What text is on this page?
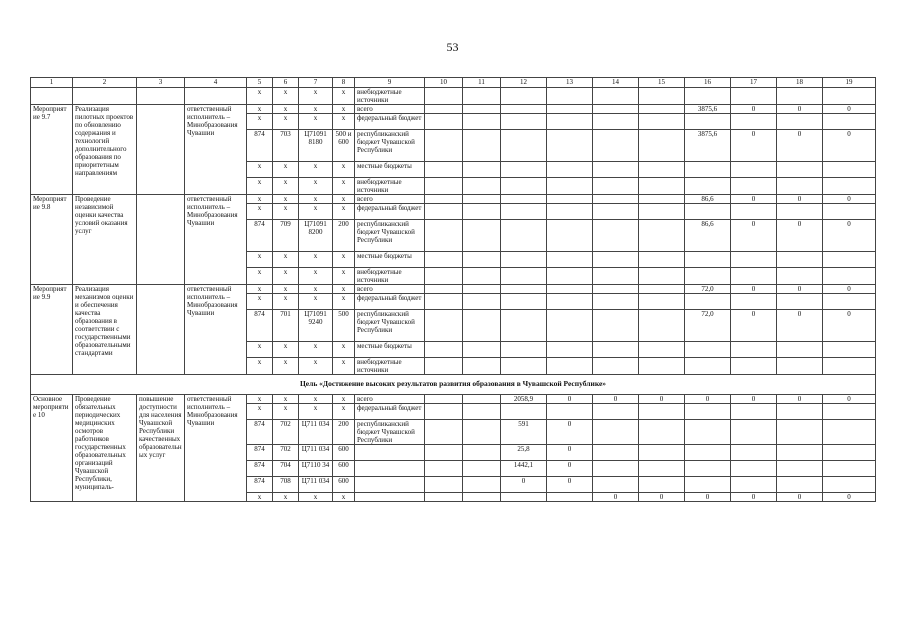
53
1	2	3	4	5	6	7	8	9	10	11	12	13	14	15	16	17	18	19
				x	x	x	x	внебюджетные источники										
Мероприятие 9.7	Реализация пилотных проектов по обновлению содержания и технологий дополнительного образования по приоритетным направлениям		ответственный исполнитель – Минобразования Чувашии	x	x	x	x	всего							3875,6	0	0	0
				x	x	x	x	федеральный бюджет										
				874	703	Ц71091 8180	500 и 600	республиканский бюджет Чувашской Республики							3875,6	0	0	0
				x	x	x	x	местные бюджеты										
				x	x	x	x	внебюджетные источники										
Мероприятие 9.8	Проведение независимой оценки качества условий оказания услуг		ответственный исполнитель – Минобразования Чувашии	x	x	x	x	всего							86,6	0	0	0
				x	x	x	x	федеральный бюджет										
				874	709	Ц71091 8200	200	республиканский бюджет Чувашской Республики							86,6	0	0	0
				x	x	x	x	местные бюджеты										
				x	x	x	x	внебюджетные источники										
Мероприятие 9.9	Реализация механизмов оценки и обеспечения качества образования в соответствии с государственными образовательными стандартами		ответственный исполнитель – Минобразования Чувашии	x	x	x	x	всего							72,0	0	0	0
				x	x	x	x	федеральный бюджет										
				874	701	Ц71091 9240	500	республиканский бюджет Чувашской Республики							72,0	0	0	0
				x	x	x	x	местные бюджеты										
				x	x	x	x	внебюджетные источники										
Цель «Достижение высоких результатов развития образования в Чувашской Республике»																		
Основное мероприятие 10	Проведение обязательных периодических медицинских осмотров работников государственных образовательных организаций Чувашской Республики, муниципаль-	повышение доступности для населения Чувашской Республики качественных образовательных услуг	ответственный исполнитель – Минобразования Чувашии	x	x	x	x	всего			2058,9	0	0	0	0	0	0	0
				x	x	x	x	федеральный бюджет										
				874	702	Ц711 034	200	республиканский бюджет Чувашской Республики			591	0						
				874	702	Ц711 034	600				25,8	0						
				874	704	Ц7110 34	600				1442,1	0						
				874	708	Ц711 034	600				0	0						
				x	x	x	x						0	0	0	0	0	0
